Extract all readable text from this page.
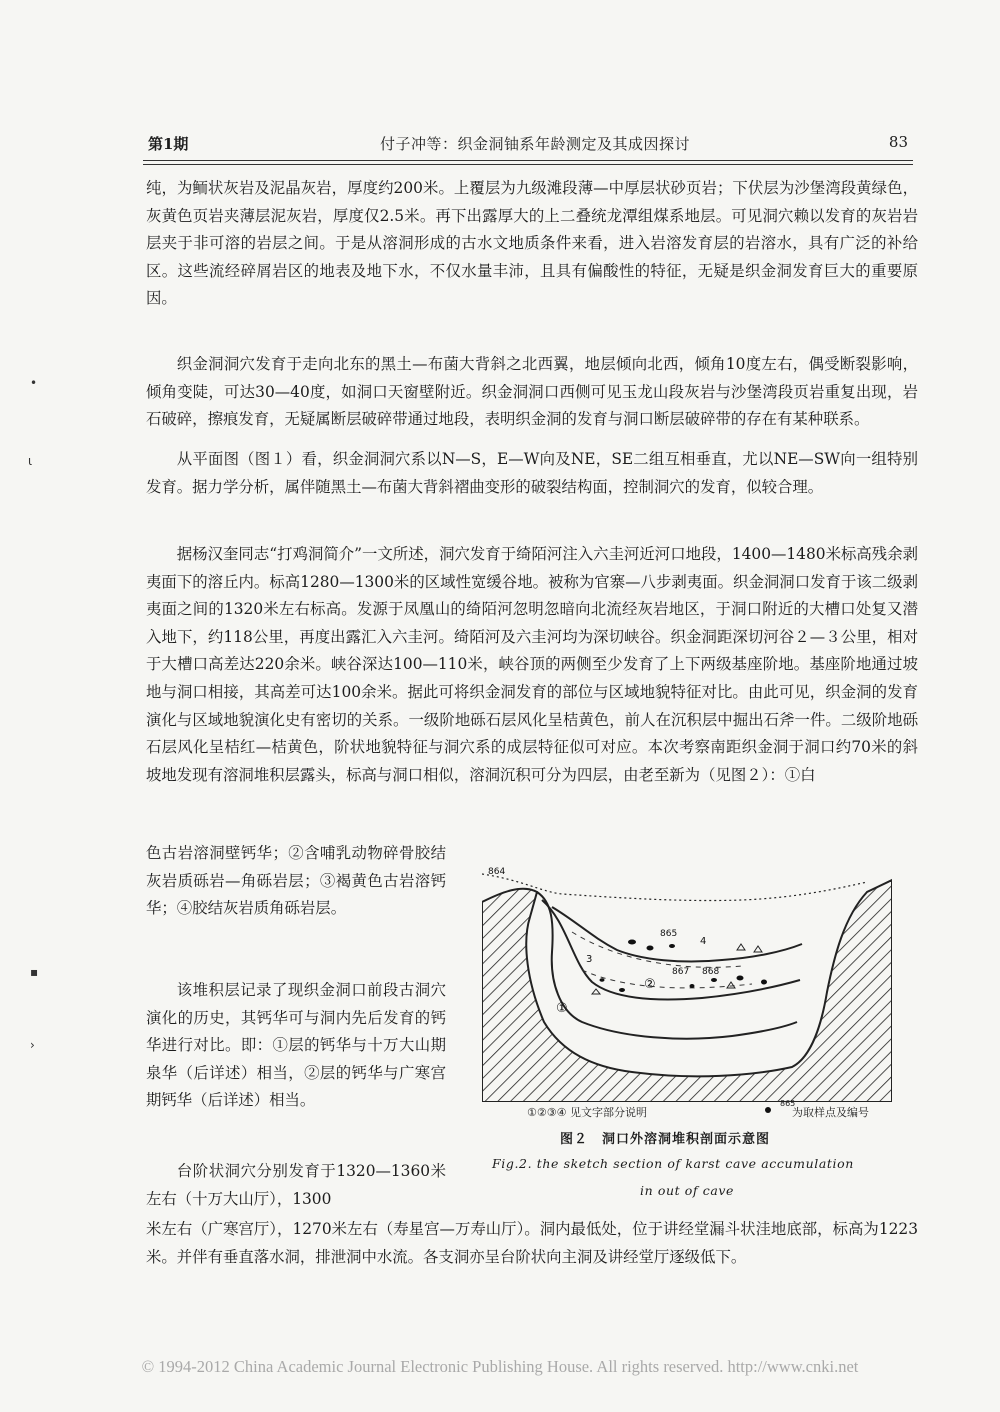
第1期	付子冲等：织金洞铀系年龄测定及其成因探讨	83

纯，为鲕状灰岩及泥晶灰岩，厚度约200米。上覆层为九级滩段薄—中厚层状砂页岩；下伏层为沙堡湾段黄绿色，灰黄色页岩夹薄层泥灰岩，厚度仅2.5米。再下出露厚大的上二叠统龙潭组煤系地层。可见洞穴赖以发育的灰岩岩层夹于非可溶的岩层之间。于是从溶洞形成的古水文地质条件来看，进入岩溶发育层的岩溶水，具有广泛的补给区。这些流经碎屑岩区的地表及地下水，不仅水量丰沛，且具有偏酸性的特征，无疑是织金洞发育巨大的重要原因。

织金洞洞穴发育于走向北东的黑土—布菌大背斜之北西翼，地层倾向北西，倾角10度左右，偶受断裂影响，倾角变陡，可达30—40度，如洞口天窗壁附近。织金洞洞口西侧可见玉龙山段灰岩与沙堡湾段页岩重复出现，岩石破碎，擦痕发育，无疑属断层破碎带通过地段，表明织金洞的发育与洞口断层破碎带的存在有某种联系。

从平面图（图１）看，织金洞洞穴系以N—S，E—W向及NE，SE二组互相垂直，尤以NE—SW向一组特别发育。据力学分析，属伴随黑土—布菌大背斜褶曲变形的破裂结构面，控制洞穴的发育，似较合理。

据杨汉奎同志“打鸡洞简介”一文所述，洞穴发育于绮陌河注入六圭河近河口地段，1400—1480米标高残余剥夷面下的溶丘内。标高1280—1300米的区域性宽缓谷地。被称为官寨—八步剥夷面。织金洞洞口发育于该二级剥夷面之间的1320米左右标高。发源于凤凰山的绮陌河忽明忽暗向北流经灰岩地区，于洞口附近的大槽口处复又潜入地下，约118公里，再度出露汇入六圭河。绮陌河及六圭河均为深切峡谷。织金洞距深切河谷２—３公里，相对于大槽口高差达220余米。峡谷深达100—110米，峡谷顶的两侧至少发育了上下两级基座阶地。基座阶地通过坡地与洞口相接，其高差可达100余米。据此可将织金洞发育的部位与区域地貌特征对比。由此可见，织金洞的发育演化与区域地貌演化史有密切的关系。一级阶地砾石层风化呈桔黄色，前人在沉积层中掘出石斧一件。二级阶地砾石层风化呈桔红—桔黄色，阶状地貌特征与洞穴系的成层特征似可对应。本次考察南距织金洞于洞口约70米的斜坡地发现有溶洞堆积层露头，标高与洞口相似，溶洞沉积可分为四层，由老至新为（见图２）：①白

色古岩溶洞壁钙华；②含哺乳动物碎骨胶结灰岩质砾岩—角砾岩层；③褐黄色古岩溶钙华；④胶结灰岩质角砾岩层。

该堆积层记录了现织金洞口前段古洞穴演化的历史，其钙华可与洞内先后发育的钙华进行对比。即：①层的钙华与十万大山期泉华（后详述）相当，②层的钙华与广寒宫期钙华（后详述）相当。

台阶状洞穴分别发育于1320—1360米左右（十万大山厅），1300

米左右（广寒宫厅），1270米左右（寿星宫—万寿山厅）。洞内最低处，位于讲经堂漏斗状洼地底部，标高为1223米。并伴有垂直落水洞，排泄洞中水流。各支洞亦呈台阶状向主洞及讲经堂厅逐级低下。

864
865
867 868
4
3
②
①
①②③④ 见文字部分说明
865
为取样点及编号
图２　洞口外溶洞堆积剖面示意图
Fig.2. the sketch section of karst cave accumulation
in out of cave
•
ɩ
▪
›
© 1994-2012 China Academic Journal Electronic Publishing House. All rights reserved. http://www.cnki.net
